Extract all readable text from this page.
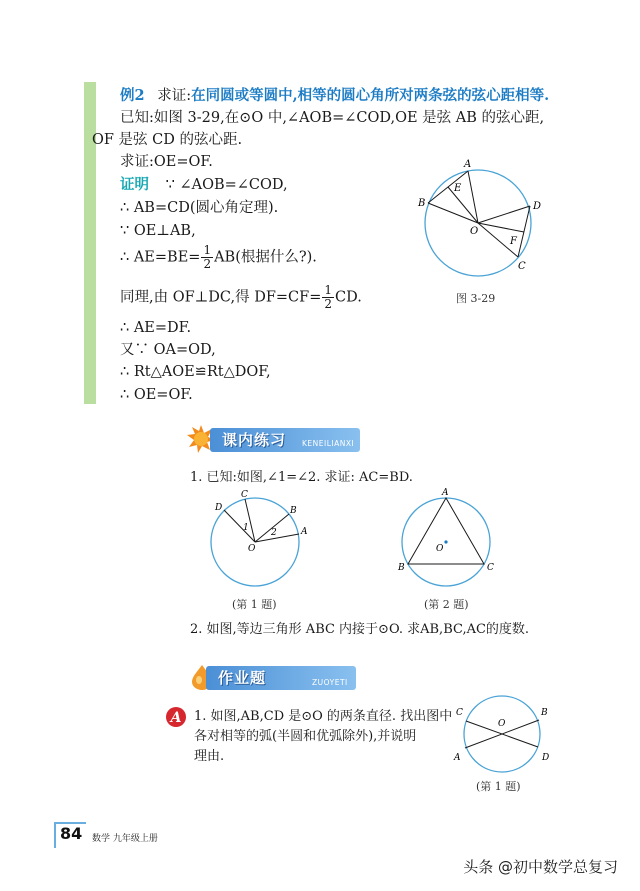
例2 求证:在同圆或等圆中,相等的圆心角所对两条弦的弦心距相等.
已知:如图 3-29,在⊙O 中,∠AOB=∠COD,OE 是弦 AB 的弦心距,
OF 是弦 CD 的弦心距.
求证:OE=OF.
证明 ∵ ∠AOB=∠COD,
∴ AB=CD(圆心角定理).
∵ OE⊥AB,
∴ $AE=BE= \frac{1}{2} AB$(根据什么?).
同理,由 OF⊥DC,得 $DF=CF= \frac{1}{2}$ CD.
∴ AE=DF.
又∵ OA=OD,
∴ Rt△AOE≌Rt△DOF,
∴ OE=OF.
A
B
C
D
E
F
O
图 3-29
课内练习 KENEILIANXI
1. 已知:如图,∠1=∠2. 求证: AC=BD.
A
B
C
D
O
1 2
(第 1 题)
A
B	C
O
(第 2 题)
2. 如图,等边三角形 ABC 内接于⊙O. 求AB,BC,AC的度数.
作业题	ZUOYETI
A 1. 如图,AB,CD 是⊙O 的两条直径. 找出图中
各对相等的弧(半圆和优弧除外),并说明
理由.
C	B
A	D
O
(第 1 题)
84 数学 九年级上册
头条 @初中数学总复习
